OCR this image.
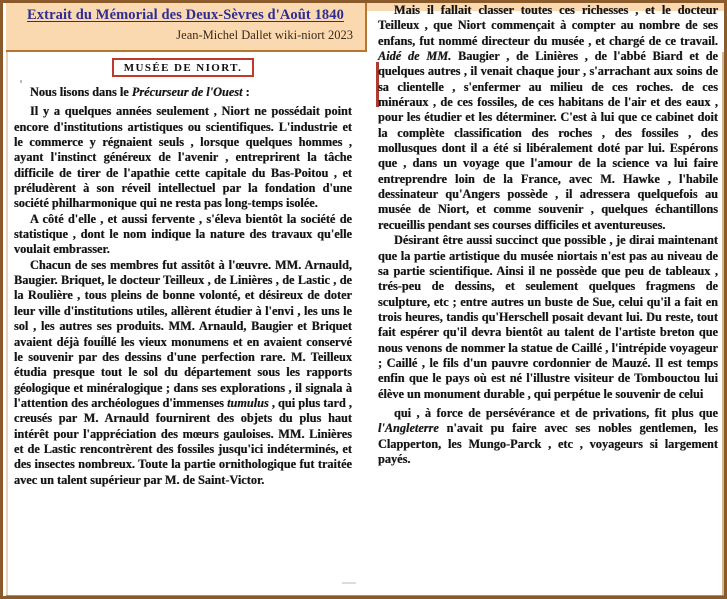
Extrait du Mémorial des Deux-Sèvres d'Août 1840
Jean-Michel Dallet wiki-niort 2023
MUSÉE DE NIORT.

Nous lisons dans le Précurseur de l'Ouest :

Il y a quelques années seulement , Niort ne possédait point encore d'institutions artistiques ou scientifiques. L'industrie et le commerce y régnaient seuls , lorsque quelques hommes , ayant l'instinct généreux de l'avenir , entreprirent la tâche difficile de tirer de l'apathie cette capitale du Bas-Poitou , et préludèrent à son réveil intellectuel par la fondation d'une société philharmonique qui ne resta pas long-temps isolée.

A côté d'elle , et aussi fervente , s'éleva bientôt la société de statistique , dont le nom indique la nature des travaux qu'elle voulait embrasser.

Chacun de ses membres fut assitôt à l'œuvre. MM. Arnauld, Baugier. Briquet, le docteur Teilleux , de Linières , de Lastic , de la Roulière , tous pleins de bonne volonté, et désireux de doter leur ville d'institutions utiles, allèrent étudier à l'envi , les uns le sol , les autres ses produits. MM. Arnauld, Baugier et Briquet avaient déjà fouillé les vieux monumens et en avaient conservé le souvenir par des dessins d'une perfection rare. M. Teilleux étudia presque tout le sol du département sous les rapports géologique et minéralogique ; dans ses explorations , il signala à l'attention des archéologues d'immenses tumulus , qui plus tard , creusés par M. Arnauld fournirent des objets du plus haut intérêt pour l'appréciation des mœurs gauloises. MM. Linières et de Lastic rencontrèrent des fossiles jusqu'ici indéterminés, et des insectes nombreux. Toute la partie ornithologique fut traitée avec un talent supérieur par M. de Saint-Victor.

Mais il fallait classer toutes ces richesses , et le docteur Teilleux , que Niort commençait à compter au nombre de ses enfans, fut nommé directeur du musée , et chargé de ce travail. Aidé de MM. Baugier , de Linières , de l'abbé Biard et de quelques autres , il venait chaque jour , s'arrachant aux soins de sa clientelle , s'enfermer au milieu de ces roches. de ces minéraux , de ces fossiles, de ces habitans de l'air et des eaux , pour les étudier et les déterminer. C'est à lui que ce cabinet doit la complète classification des roches , des fossiles , des mollusques dont il a été si libéralement doté par lui. Espérons que , dans un voyage que l'amour de la science va lui faire entreprendre loin de la France, avec M. Hawke , l'habile dessinateur qu'Angers possède , il adressera quelquefois au musée de Niort, et comme souvenir , quelques échantillons recueillis pendant ses courses difficiles et aventureuses.

Désirant être aussi succinct que possible , je dirai maintenant que la partie artistique du musée niortais n'est pas au niveau de sa partie scientifique. Ainsi il ne possède que peu de tableaux , trés-peu de dessins, et seulement quelques fragmens de sculpture, etc ; entre autres un buste de Sue, celui qu'il a fait en trois heures, tandis qu'Herschell posait devant lui. Du reste, tout fait espérer qu'il devra bientôt au talent de l'artiste breton que nous venons de nommer la statue de Caillé , l'intrépide voyageur ; Caillé , le fils d'un pauvre cordonnier de Mauzé. Il est temps enfin que le pays où est né l'illustre visiteur de Tombouctou lui élève un monument durable , qui perpétue le souvenir de celui

qui , à force de persévérance et de privations, fit plus que l'Angleterre n'avait pu faire avec ses nobles gentlemen, les Clapperton, les Mungo-Parck , etc , voyageurs si largement payés.
